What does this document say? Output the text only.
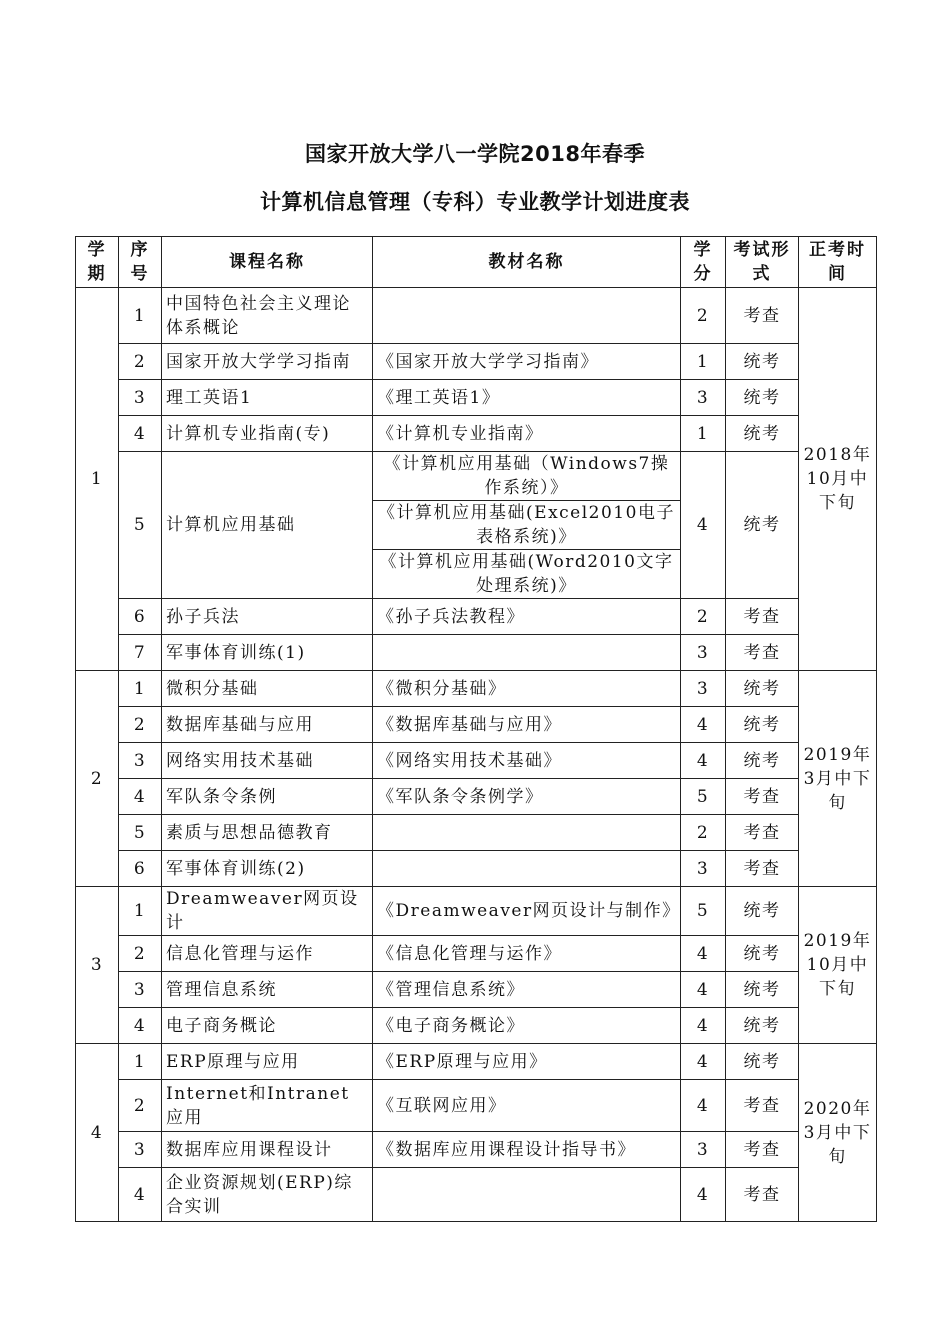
国家开放大学八一学院2018年春季
计算机信息管理（专科）专业教学计划进度表
学期	序号	课程名称	教材名称	学分	考试形式	正考时间
1	1	中国特色社会主义理论体系概论		2	考查	2018年10月中下旬
	2	国家开放大学学习指南	《国家开放大学学习指南》	1	统考	
	3	理工英语1	《理工英语1》	3	统考	
	4	计算机专业指南(专)	《计算机专业指南》	1	统考	
	5	计算机应用基础	《计算机应用基础（Windows7操作系统）》	4	统考	
			《计算机应用基础(Excel2010电子表格系统)》			
			《计算机应用基础(Word2010文字处理系统)》			
	6	孙子兵法	《孙子兵法教程》	2	考查	
	7	军事体育训练(1)		3	考查	
2	1	微积分基础	《微积分基础》	3	统考	2019年3月中下旬
	2	数据库基础与应用	《数据库基础与应用》	4	统考	
	3	网络实用技术基础	《网络实用技术基础》	4	统考	
	4	军队条令条例	《军队条令条例学》	5	考查	
	5	素质与思想品德教育		2	考查	
	6	军事体育训练(2)		3	考查	
3	1	Dreamweaver网页设计	《Dreamweaver网页设计与制作》	5	统考	2019年10月中下旬
	2	信息化管理与运作	《信息化管理与运作》	4	统考	
	3	管理信息系统	《管理信息系统》	4	统考	
	4	电子商务概论	《电子商务概论》	4	统考	
4	1	ERP原理与应用	《ERP原理与应用》	4	统考	2020年3月中下旬
	2	Internet和Intranet应用	《互联网应用》	4	考查	
	3	数据库应用课程设计	《数据库应用课程设计指导书》	3	考查	
	4	企业资源规划(ERP)综合实训		4	考查	
